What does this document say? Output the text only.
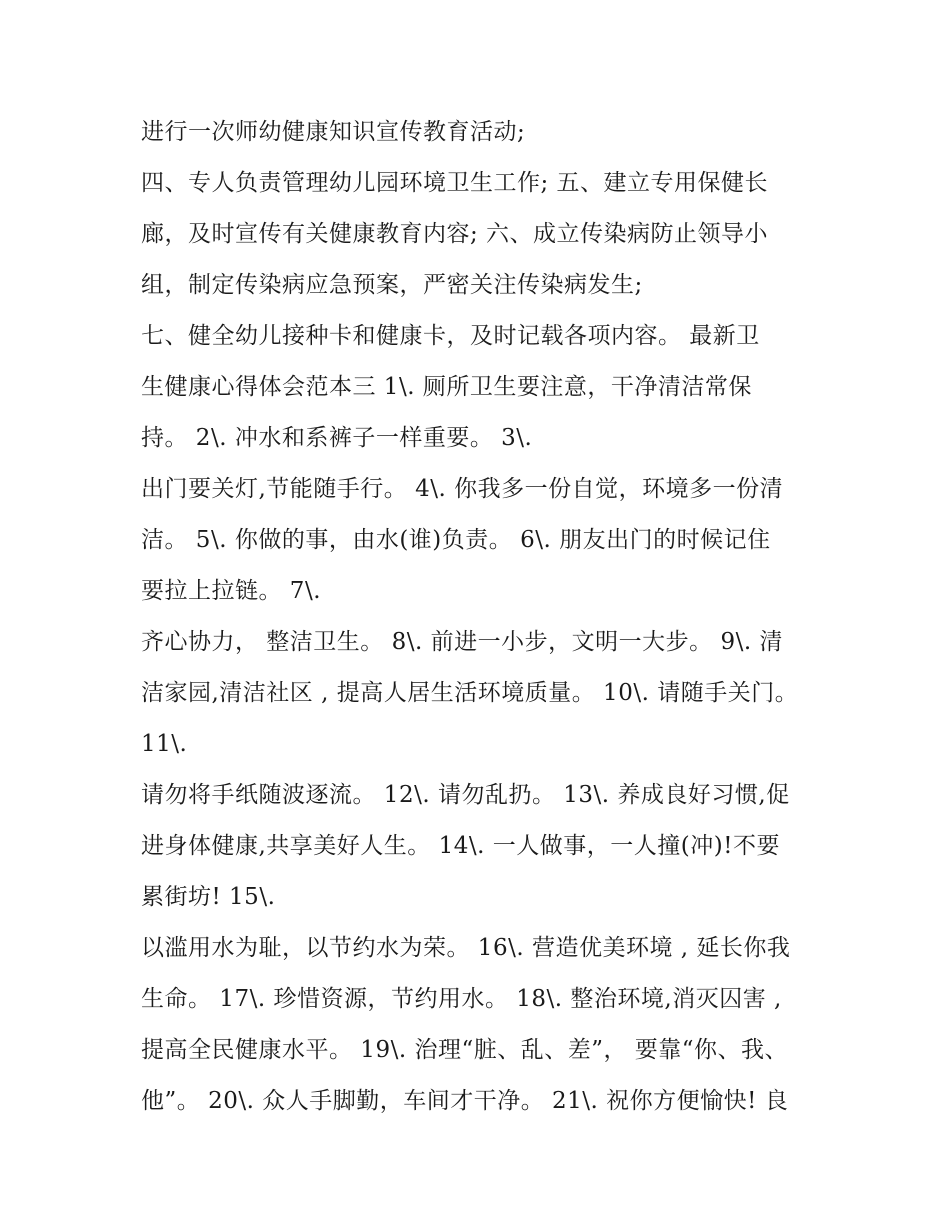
进行一次师幼健康知识宣传教育活动;
四、专人负责管理幼儿园环境卫生工作; 五、建立专用保健长
廊，及时宣传有关健康教育内容; 六、成立传染病防止领导小
组，制定传染病应急预案，严密关注传染病发生;
七、健全幼儿接种卡和健康卡，及时记载各项内容。 最新卫
生健康心得体会范本三 1\. 厕所卫生要注意，干净清洁常保
持。 2\. 冲水和系裤子一样重要。 3\.
出门要关灯,节能随手行。 4\. 你我多一份自觉，环境多一份清
洁。 5\. 你做的事，由水(谁)负责。 6\. 朋友出门的时候记住
要拉上拉链。 7\.
齐心协力， 整洁卫生。 8\. 前进一小步，文明一大步。 9\. 清
洁家园,清洁社区 , 提高人居生活环境质量。 10\. 请随手关门。
11\.
请勿将手纸随波逐流。 12\. 请勿乱扔。 13\. 养成良好习惯,促
进身体健康,共享美好人生。 14\. 一人做事，一人撞(冲)!不要
累街坊! 15\.
以滥用水为耻，以节约水为荣。 16\. 营造优美环境 , 延长你我
生命。 17\. 珍惜资源，节约用水。 18\. 整治环境,消灭囚害 ,
提高全民健康水平。 19\. 治理“脏、乱、差”， 要靠“你、我、
他”。 20\. 众人手脚勤，车间才干净。 21\. 祝你方便愉快! 良
